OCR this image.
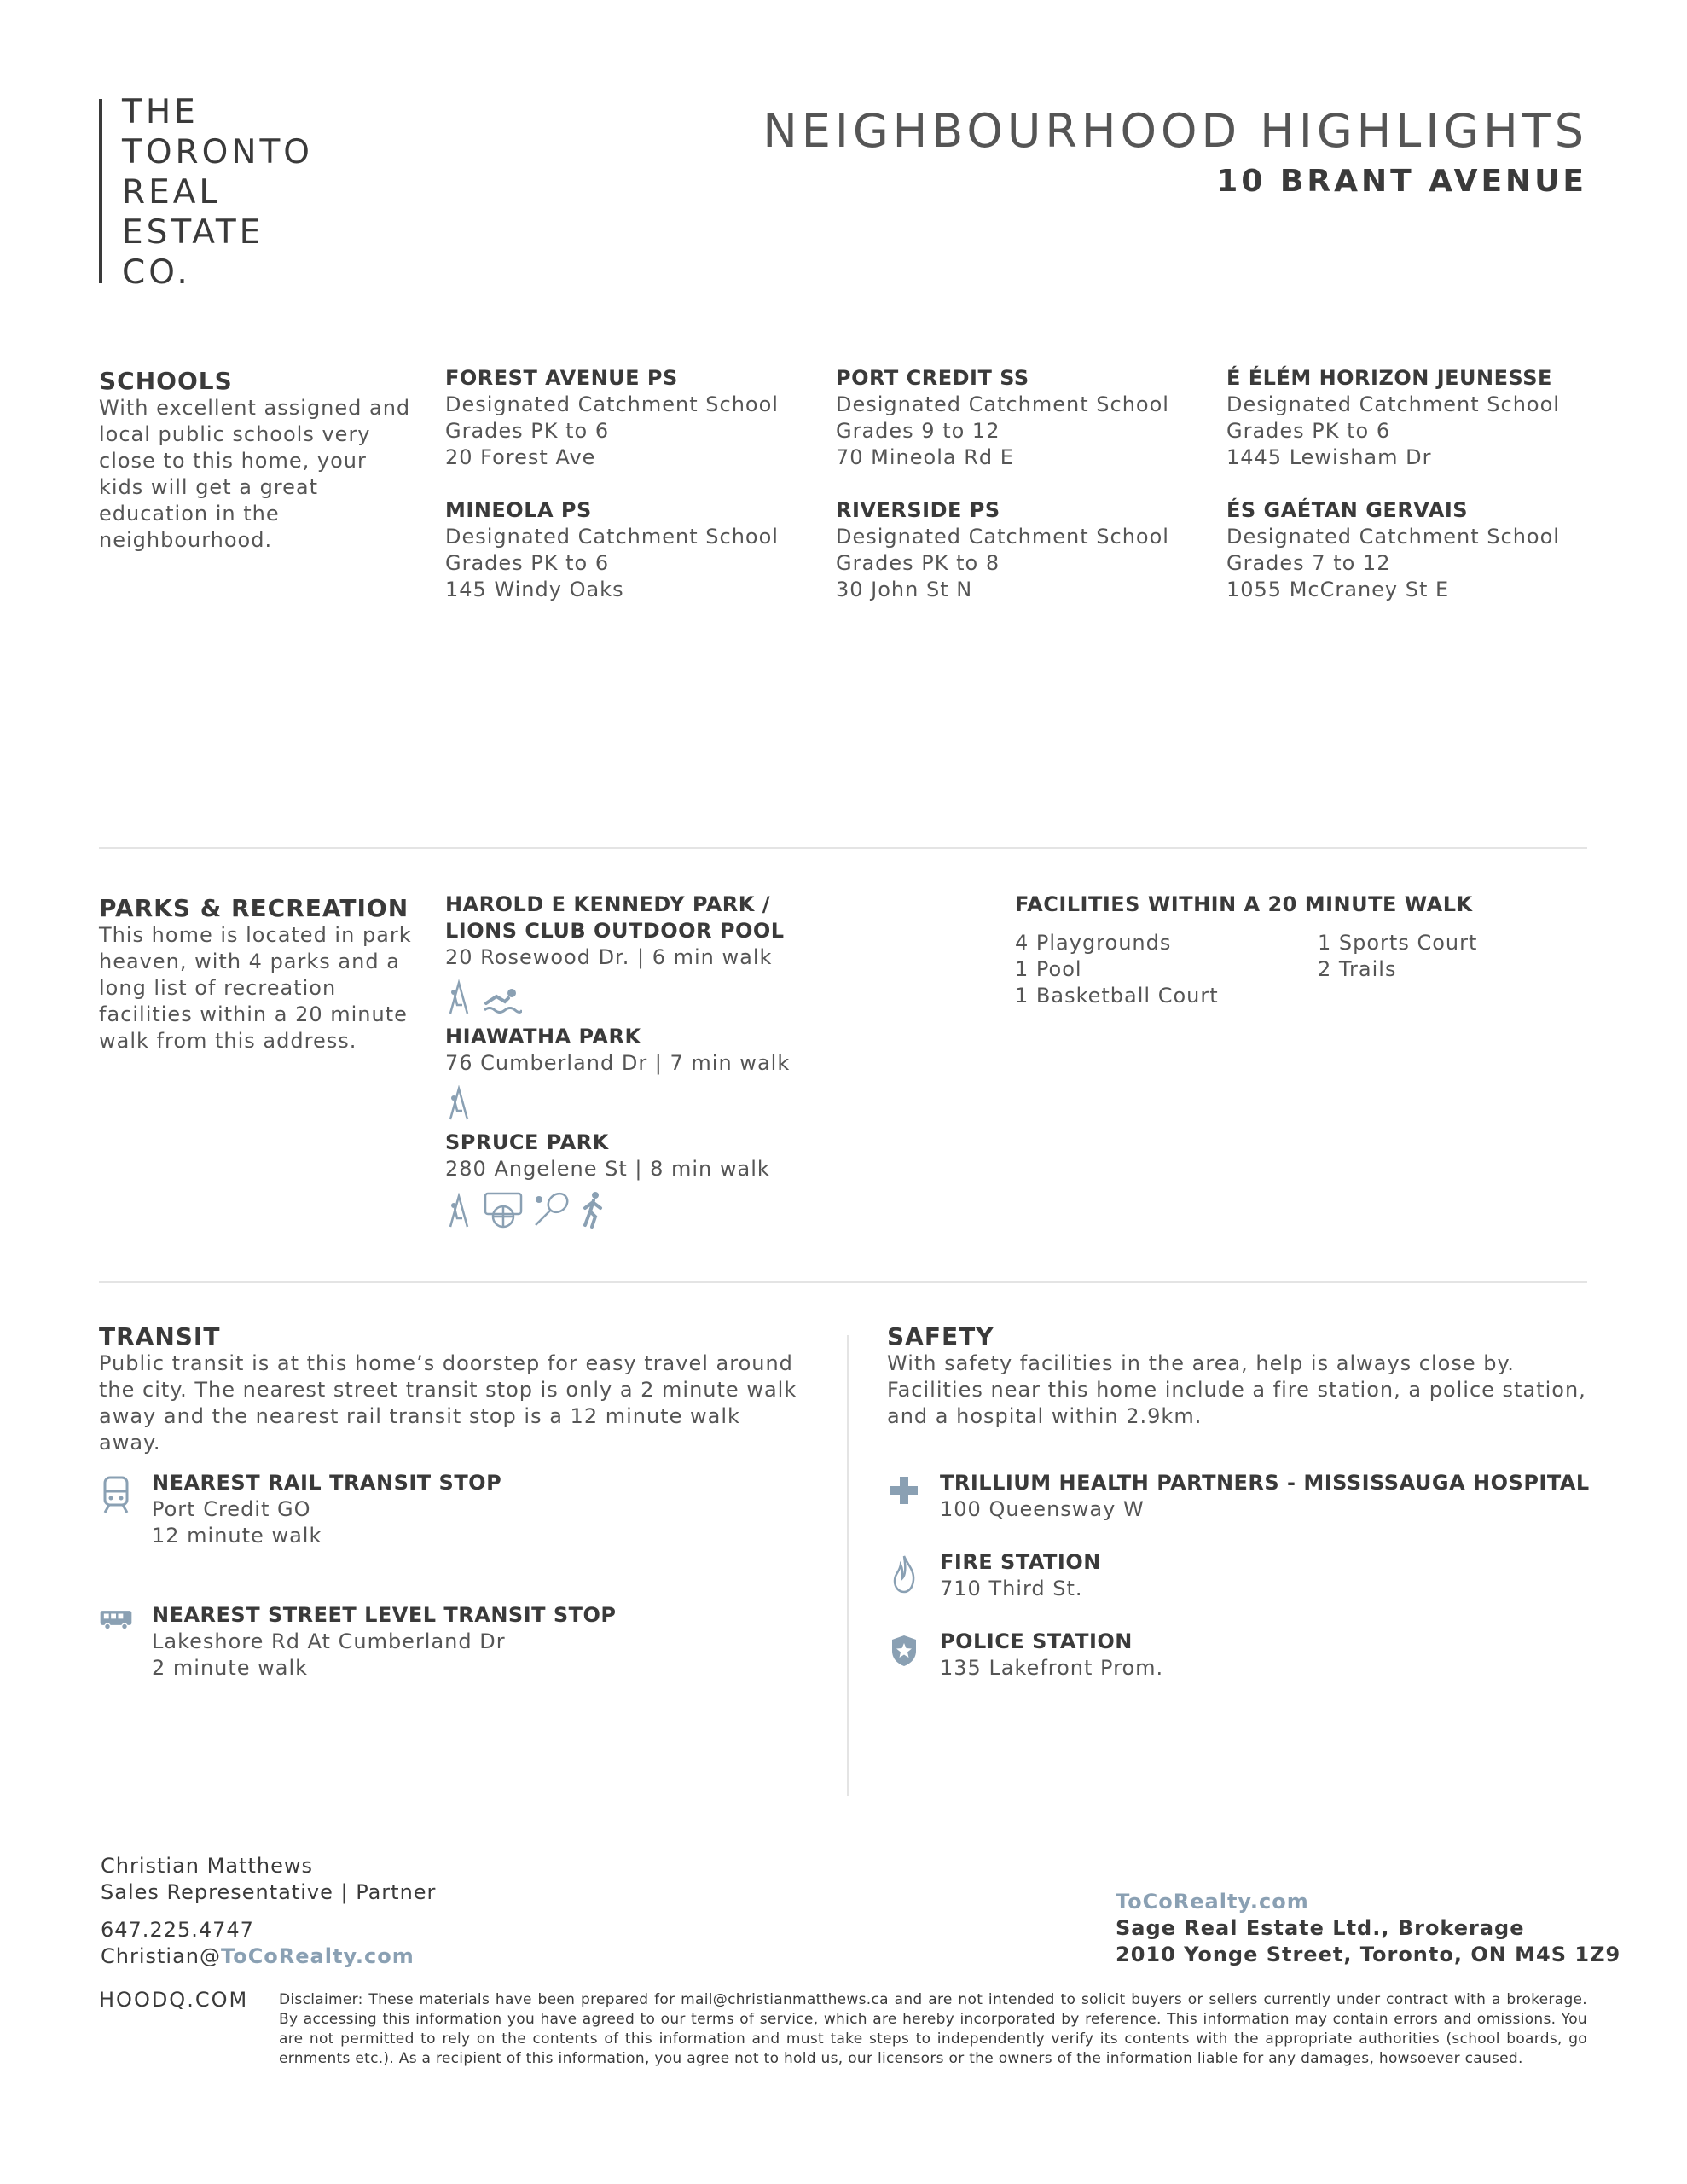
THE
TORONTO
REAL
ESTATE
CO.
NEIGHBOURHOOD HIGHLIGHTS
10 BRANT AVENUE
SCHOOLS
With excellent assigned and local public schools very close to this home, your kids will get a great education in the neighbourhood.
FOREST AVENUE PS
Designated Catchment School
Grades PK to 6
20 Forest Ave
PORT CREDIT SS
Designated Catchment School
Grades 9 to 12
70 Mineola Rd E
É ÉLÉM HORIZON JEUNESSE
Designated Catchment School
Grades PK to 6
1445 Lewisham Dr
MINEOLA PS
Designated Catchment School
Grades PK to 6
145 Windy Oaks
RIVERSIDE PS
Designated Catchment School
Grades PK to 8
30 John St N
ÉS GAÉTAN GERVAIS
Designated Catchment School
Grades 7 to 12
1055 McCraney St E
PARKS & RECREATION
This home is located in park heaven, with 4 parks and a long list of recreation facilities within a 20 minute walk from this address.
HAROLD E KENNEDY PARK /
LIONS CLUB OUTDOOR POOL
20 Rosewood Dr. | 6 min walk
HIAWATHA PARK
76 Cumberland Dr | 7 min walk
SPRUCE PARK
280 Angelene St | 8 min walk
FACILITIES WITHIN A 20 MINUTE WALK
4 Playgrounds	1 Sports Court
1 Pool	2 Trails
1 Basketball Court
TRANSIT
Public transit is at this home’s doorstep for easy travel around the city. The nearest street transit stop is only a 2 minute walk away and the nearest rail transit stop is a 12 minute walk away.
NEAREST RAIL TRANSIT STOP
Port Credit GO
12 minute walk
NEAREST STREET LEVEL TRANSIT STOP
Lakeshore Rd At Cumberland Dr
2 minute walk
SAFETY
With safety facilities in the area, help is always close by. Facilities near this home include a fire station, a police station, and a hospital within 2.9km.
TRILLIUM HEALTH PARTNERS - MISSISSAUGA HOSPITAL
100 Queensway W
FIRE STATION
710 Third St.
POLICE STATION
135 Lakefront Prom.
Christian Matthews
Sales Representative | Partner
647.225.4747
Christian@ToCoRealty.com
ToCoRealty.com
Sage Real Estate Ltd., Brokerage
2010 Yonge Street, Toronto, ON M4S 1Z9
HOODQ.COM Disclaimer: These materials have been prepared for mail@christianmatthews.ca and are not intended to solicit buyers or sellers currently under contract with a brokerage. By accessing this information you have agreed to our terms of service, which are hereby incorporated by reference. This information may contain errors and omissions. You are not permitted to rely on the contents of this information and must take steps to independently verify its contents with the appropriate authorities (school boards, go ernments etc.). As a recipient of this information, you agree not to hold us, our licensors or the owners of the information liable for any damages, howsoever caused.
